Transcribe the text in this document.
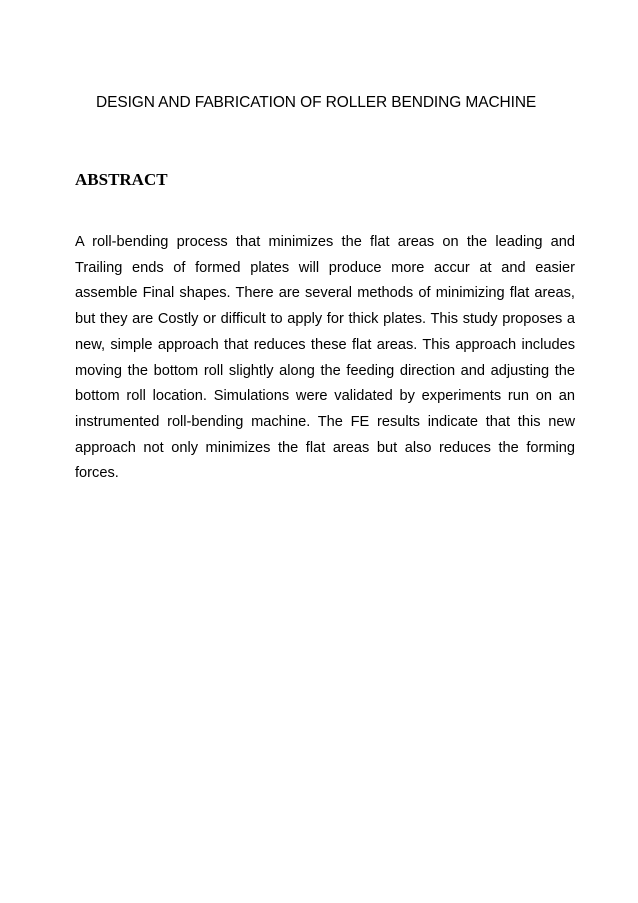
DESIGN AND FABRICATION OF ROLLER BENDING MACHINE
ABSTRACT

A roll-bending process that minimizes the flat areas on the leading and Trailing ends of formed plates will produce more accur at and easier assemble Final shapes. There are several methods of minimizing flat areas, but they are Costly or difficult to apply for thick plates. This study proposes a new, simple approach that reduces these flat areas. This approach includes moving the bottom roll slightly along the feeding direction and adjusting the bottom roll location. Simulations were validated by experiments run on an instrumented roll-bending machine. The FE results indicate that this new approach not only minimizes the flat areas but also reduces the forming forces.
